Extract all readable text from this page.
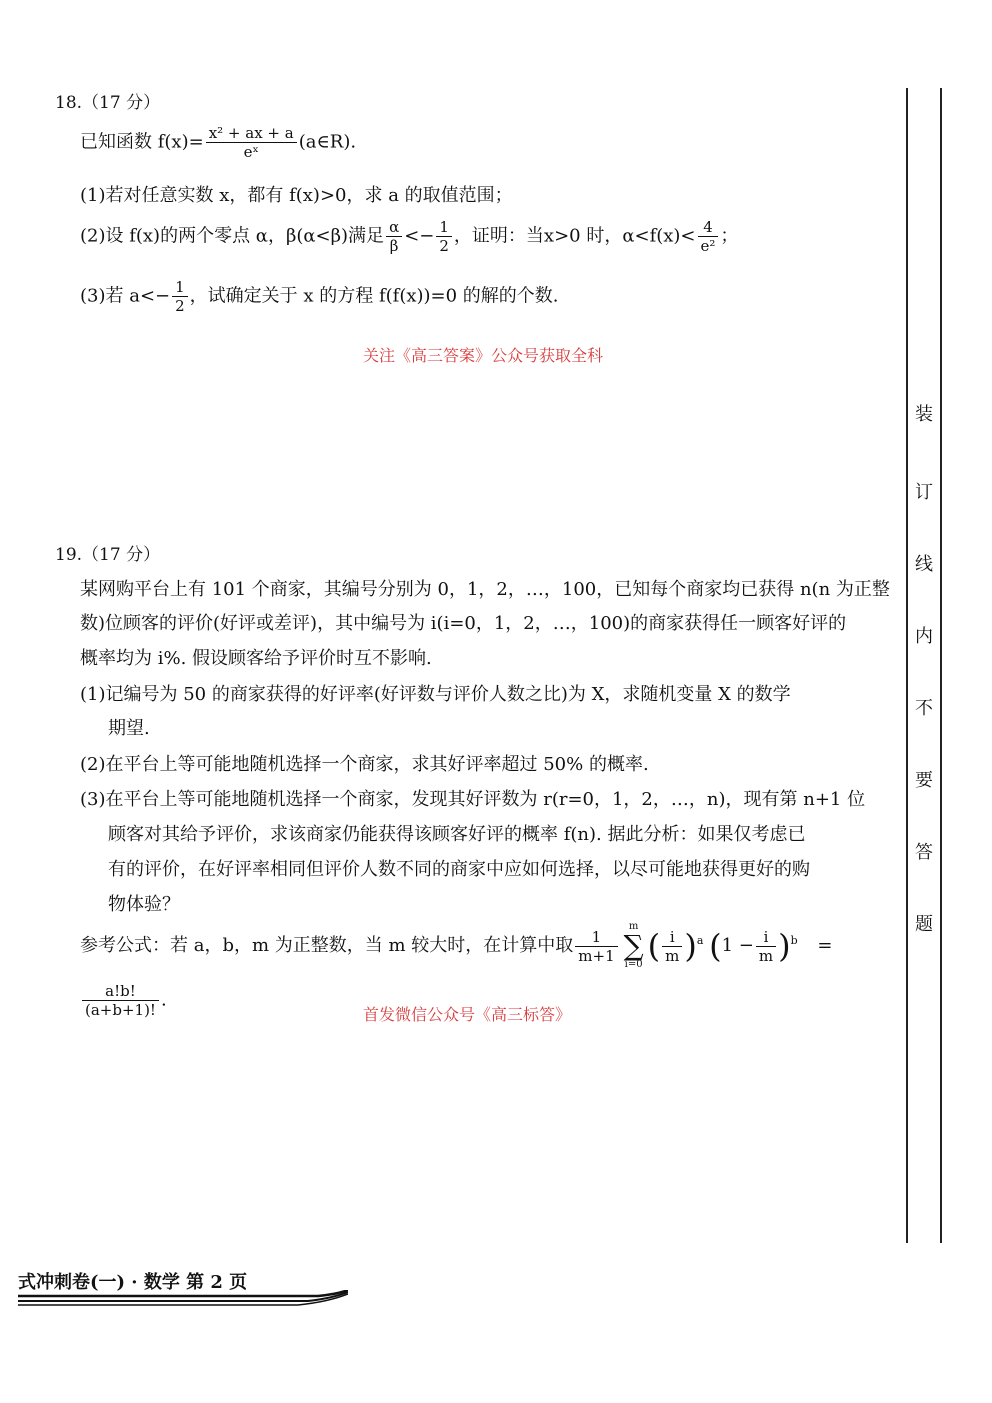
18.（17 分）
已知函数 $f(x)= \frac{\text{x² + ax + a}}{\text{eˣ}}$ (a∈R).
(1)若对任意实数 x，都有 f(x)>0，求 a 的取值范围；
(2)设 f(x)的两个零点 α，β(α<β)满足 $\frac{\alpha}{\beta} <- \frac{1}{2}$ ，证明：当x>0 时，$\alpha<f(x)< \frac{4}{\text{e²}}$ ；
(3)若 $a<- \frac{1}{2}$ ，试确定关于 x 的方程 f(f(x))=0 的解的个数.
关注《高三答案》公众号获取全科
19.（17 分）
某网购平台上有 101 个商家，其编号分别为 0，1，2，…，100，已知每个商家均已获得 n(n 为正整
数)位顾客的评价(好评或差评)，其中编号为 i(i=0，1，2，…，100)的商家获得任一顾客好评的
概率均为 i%. 假设顾客给予评价时互不影响.
(1)记编号为 50 的商家获得的好评率(好评数与评价人数之比)为 X，求随机变量 X 的数学
期望.
(2)在平台上等可能地随机选择一个商家，求其好评率超过 50% 的概率.
(3)在平台上等可能地随机选择一个商家，发现其好评数为 r(r=0，1，2，…，n)，现有第 n+1 位
顾客对其给予评价，求该商家仍能获得该顾客好评的概率 f(n). 据此分析：如果仅考虑已
有的评价，在好评率相同但评价人数不同的商家中应如何选择，以尽可能地获得更好的购
物体验？
参考公式：若 a，b，m 为正整数，当 m 较大时，在计算中取 $\frac{1}{m+1}$
m
∑
i=0 ( $\frac{i}{m} )^a$ $(1 - \frac{i}{m} )^b$ =
$\frac{a!b!}{(a+b+1)!}$ .
首发微信公众号《高三标答》
装
订
线
内
不
要
答
题
式冲刺卷(一) · 数学 第 2 页
